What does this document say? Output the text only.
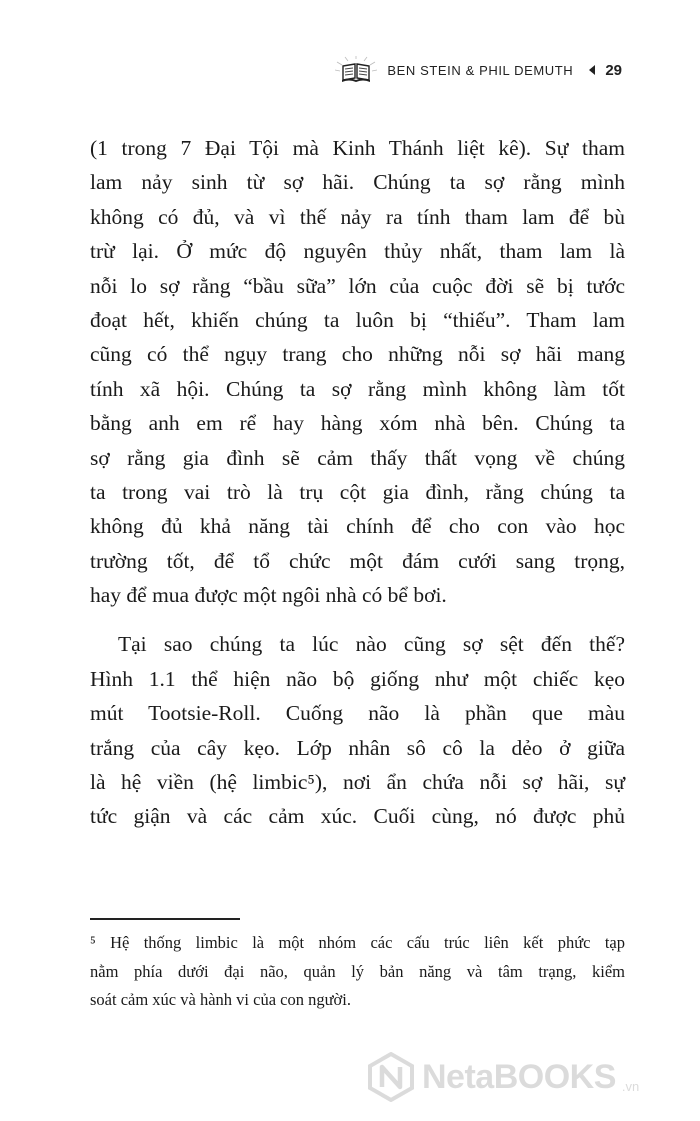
BEN STEIN & PHIL DEMUTH 29
(1 trong 7 Đại Tội mà Kinh Thánh liệt kê). Sự tham
lam nảy sinh từ sợ hãi. Chúng ta sợ rằng mình
không có đủ, và vì thế nảy ra tính tham lam để bù
trừ lại. Ở mức độ nguyên thủy nhất, tham lam là
nỗi lo sợ rằng “bầu sữa” lớn của cuộc đời sẽ bị tước
đoạt hết, khiến chúng ta luôn bị “thiếu”. Tham lam
cũng có thể ngụy trang cho những nỗi sợ hãi mang
tính xã hội. Chúng ta sợ rằng mình không làm tốt
bằng anh em rể hay hàng xóm nhà bên. Chúng ta
sợ rằng gia đình sẽ cảm thấy thất vọng về chúng
ta trong vai trò là trụ cột gia đình, rằng chúng ta
không đủ khả năng tài chính để cho con vào học
trường tốt, để tổ chức một đám cưới sang trọng,
hay để mua được một ngôi nhà có bể bơi.
Tại sao chúng ta lúc nào cũng sợ sệt đến thế?
Hình 1.1 thể hiện não bộ giống như một chiếc kẹo
mút Tootsie-Roll. Cuống não là phần que màu
trắng của cây kẹo. Lớp nhân sô cô la dẻo ở giữa
là hệ viền (hệ limbic⁵), nơi ẩn chứa nỗi sợ hãi, sự
tức giận và các cảm xúc. Cuối cùng, nó được phủ
⁵ Hệ thống limbic là một nhóm các cấu trúc liên kết phức tạp
nằm phía dưới đại não, quản lý bản năng và tâm trạng, kiểm
soát cảm xúc và hành vi của con người.
NetaBOOKS .vn
